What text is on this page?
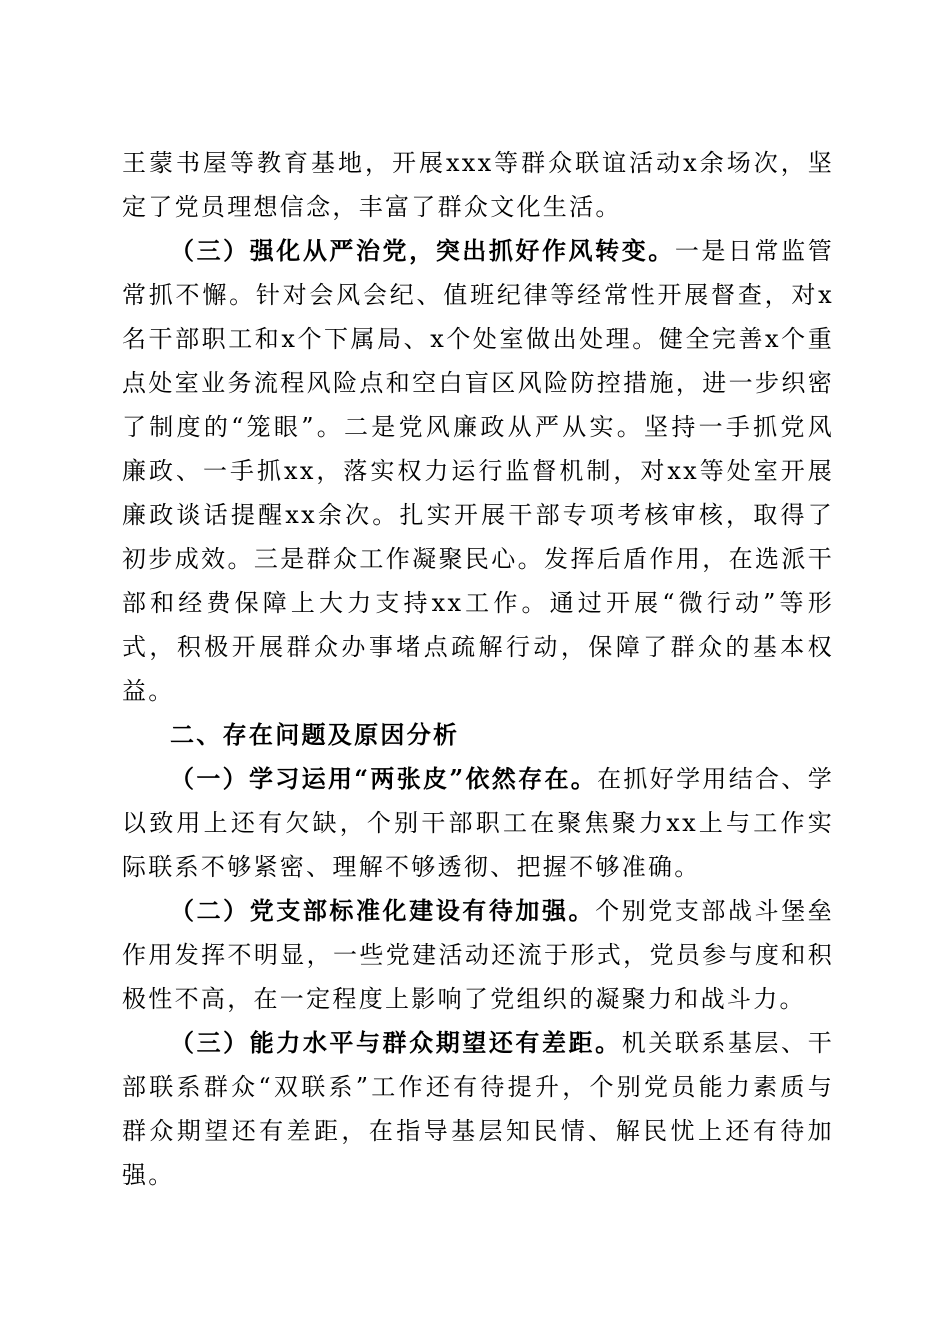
王蒙书屋等教育基地，开展xxx等群众联谊活动x余场次，坚定了党员理想信念，丰富了群众文化生活。

（三）强化从严治党，突出抓好作风转变。一是日常监管常抓不懈。针对会风会纪、值班纪律等经常性开展督查，对x名干部职工和x个下属局、x个处室做出处理。健全完善x个重点处室业务流程风险点和空白盲区风险防控措施，进一步织密了制度的“笼眼”。二是党风廉政从严从实。坚持一手抓党风廉政、一手抓xx，落实权力运行监督机制，对xx等处室开展廉政谈话提醒xx余次。扎实开展干部专项考核审核，取得了初步成效。三是群众工作凝聚民心。发挥后盾作用，在选派干部和经费保障上大力支持xx工作。通过开展“微行动”等形式，积极开展群众办事堵点疏解行动，保障了群众的基本权益。

二、存在问题及原因分析

（一）学习运用“两张皮”依然存在。在抓好学用结合、学以致用上还有欠缺，个别干部职工在聚焦聚力xx上与工作实际联系不够紧密、理解不够透彻、把握不够准确。

（二）党支部标准化建设有待加强。个别党支部战斗堡垒作用发挥不明显，一些党建活动还流于形式，党员参与度和积极性不高，在一定程度上影响了党组织的凝聚力和战斗力。

（三）能力水平与群众期望还有差距。机关联系基层、干部联系群众“双联系”工作还有待提升，个别党员能力素质与群众期望还有差距，在指导基层知民情、解民忧上还有待加强。
